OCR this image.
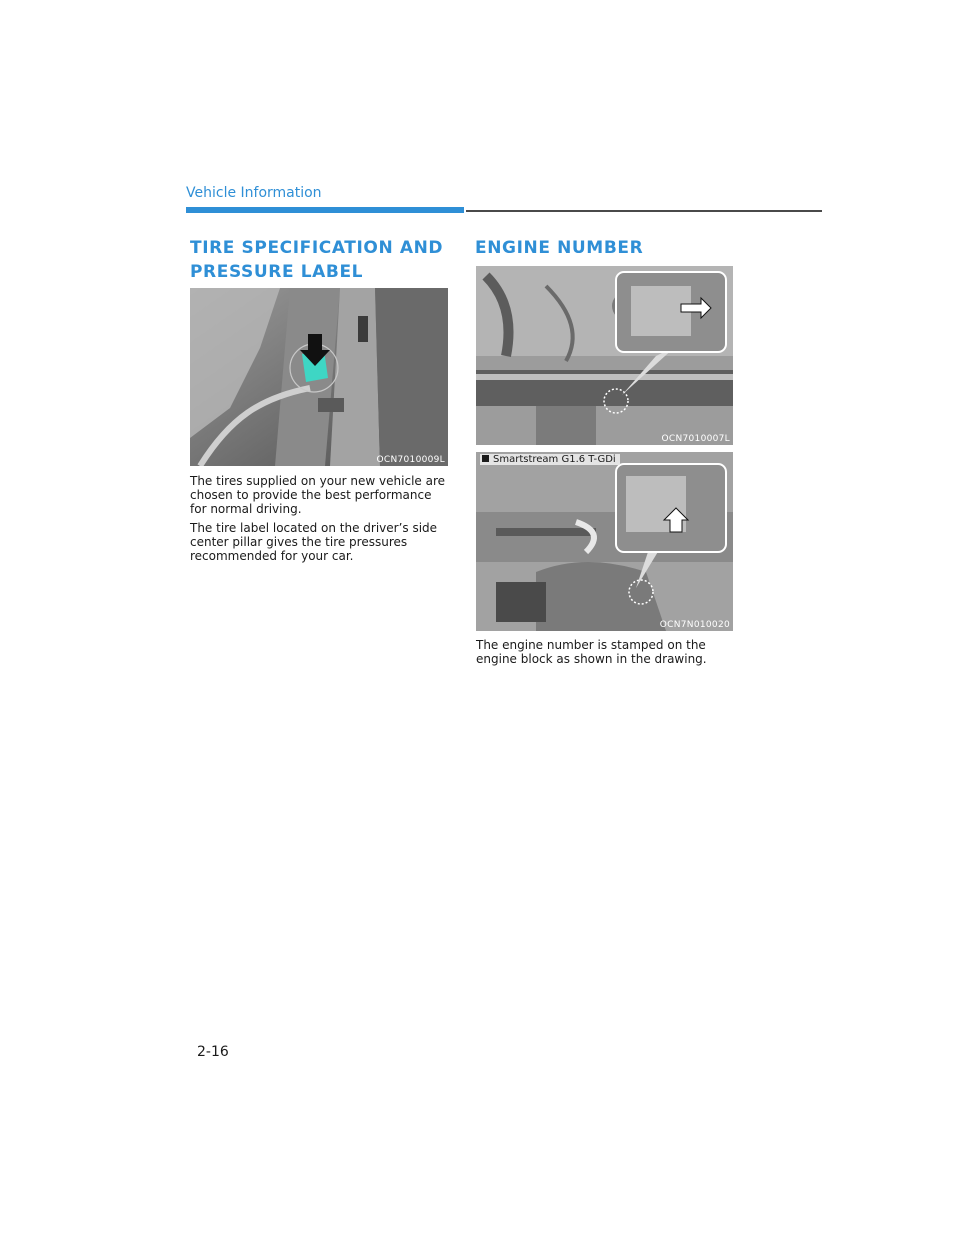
Vehicle Information
TIRE SPECIFICATION AND PRESSURE LABEL
OCN7010009L

The tires supplied on your new vehicle are chosen to provide the best performance for normal driving.

The tire label located on the driver’s side center pillar gives the tire pressures recommended for your car.

ENGINE NUMBER
OCN7010007L
Smartstream G1.6 T-GDi
OCN7N010020

The engine number is stamped on the engine block as shown in the drawing.

2-16
